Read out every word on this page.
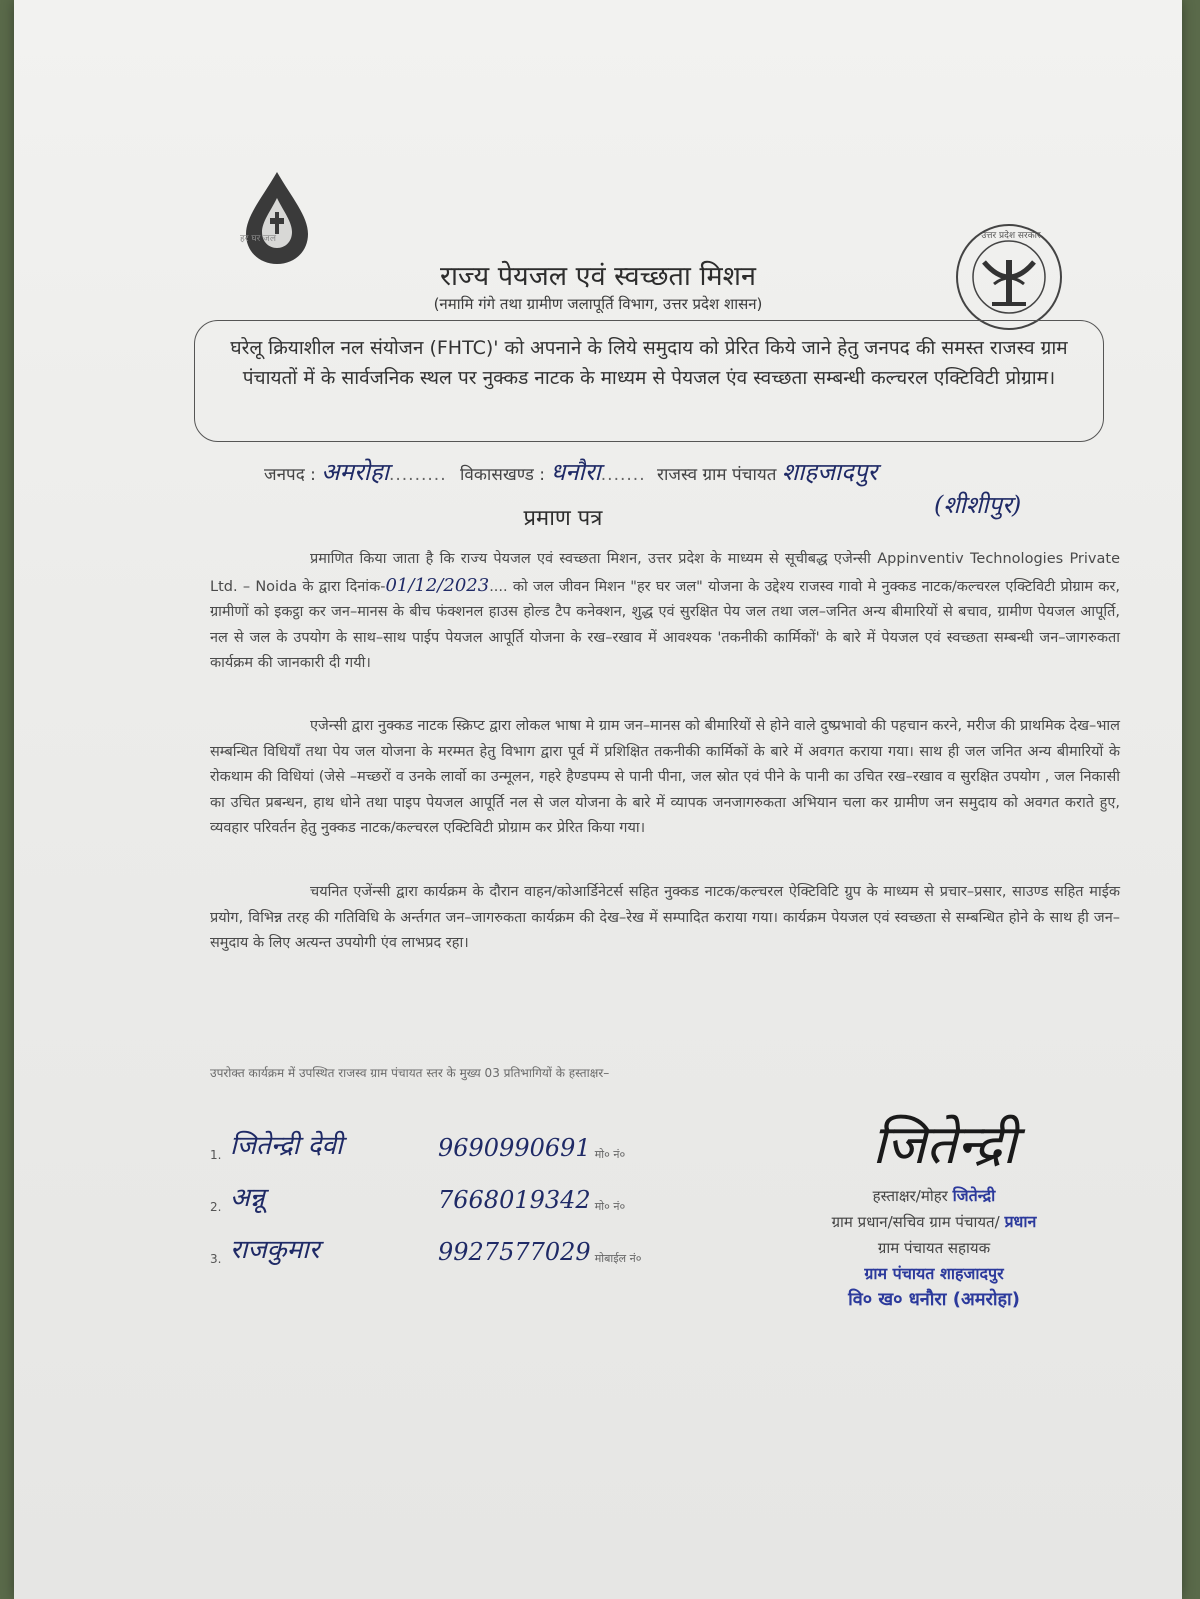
हर घर जल	उत्तर प्रदेश सरकार
राज्य पेयजल एवं स्वच्छता मिशन
(नमामि गंगे तथा ग्रामीण जलापूर्ति विभाग, उत्तर प्रदेश शासन)
घरेलू क्रियाशील नल संयोजन (FHTC)' को अपनाने के लिये समुदाय को प्रेरित किये जाने हेतु जनपद की समस्त राजस्व ग्राम पंचायतों में के सार्वजनिक स्थल पर नुक्कड नाटक के माध्यम से पेयजल एंव स्वच्छता सम्बन्धी कल्चरल एक्टिविटी प्रोग्राम।
जनपद : अमरोहा......... विकासखण्ड : धनौरा....... राजस्व ग्राम पंचायत शाहजादपुर
(शीशीपुर)
प्रमाण पत्र
प्रमाणित किया जाता है कि राज्य पेयजल एवं स्वच्छता मिशन, उत्तर प्रदेश के माध्यम से सूचीबद्ध एजेन्सी Appinventiv Technologies Private Ltd. – Noida के द्वारा दिनांक-01/12/2023.... को जल जीवन मिशन "हर घर जल" योजना के उद्देश्य राजस्व गावो मे नुक्कड नाटक/कल्चरल एक्टिविटी प्रोग्राम कर, ग्रामीणों को इकट्ठा कर जन–मानस के बीच फंक्शनल हाउस होल्ड टैप कनेक्शन, शुद्ध एवं सुरक्षित पेय जल तथा जल–जनित अन्य बीमारियों से बचाव, ग्रामीण पेयजल आपूर्ति, नल से जल के उपयोग के साथ–साथ पाईप पेयजल आपूर्ति योजना के रख–रखाव में आवश्यक 'तकनीकी कार्मिकों' के बारे में पेयजल एवं स्वच्छता सम्बन्धी जन–जागरुकता कार्यक्रम की जानकारी दी गयी।
एजेन्सी द्वारा नुक्कड नाटक स्क्रिप्ट द्वारा लोकल भाषा मे ग्राम जन–मानस को बीमारियों से होने वाले दुष्प्रभावो की पहचान करने, मरीज की प्राथमिक देख–भाल सम्बन्धित विधियाँ तथा पेय जल योजना के मरम्मत हेतु विभाग द्वारा पूर्व में प्रशिक्षित तकनीकी कार्मिकों के बारे में अवगत कराया गया। साथ ही जल जनित अन्य बीमारियों के रोकथाम की विधियां (जेसे –मच्छरों व उनके लार्वो का उन्मूलन, गहरे हैण्डपम्प से पानी पीना, जल स्रोत एवं पीने के पानी का उचित रख–रखाव व सुरक्षित उपयोग , जल निकासी का उचित प्रबन्धन, हाथ धोने तथा पाइप पेयजल आपूर्ति नल से जल योजना के बारे में व्यापक जनजागरुकता अभियान चला कर ग्रामीण जन समुदाय को अवगत कराते हुए, व्यवहार परिवर्तन हेतु नुक्कड नाटक/कल्चरल एक्टिविटी प्रोग्राम कर प्रेरित किया गया।
चयनित एजेंन्सी द्वारा कार्यक्रम के दौरान वाहन/कोआर्डिनेटर्स सहित नुक्कड नाटक/कल्चरल ऐक्टिविटि ग्रुप के माध्यम से प्रचार–प्रसार, साउण्ड सहित माईक प्रयोग, विभिन्न तरह की गतिविधि के अर्न्तगत जन–जागरुकता कार्यक्रम की देख–रेख में सम्पादित कराया गया। कार्यक्रम पेयजल एवं स्वच्छता से सम्बन्धित होने के साथ ही जन–समुदाय के लिए अत्यन्त उपयोगी एंव लाभप्रद रहा।
उपरोक्त कार्यक्रम में उपस्थित राजस्व ग्राम पंचायत स्तर के मुख्य 03 प्रतिभागियों के हस्ताक्षर–
1. जितेन्द्री देवी	9690990691 मो० नं०
2. अन्नू	7668019342 मो० नं०
3. राजकुमार	9927577029 मोबाईल नं०
जितेन्द्री
हस्ताक्षर/मोहर जितेन्द्री
ग्राम प्रधान/सचिव ग्राम पंचायत/ प्रधान
ग्राम पंचायत सहायक
ग्राम पंचायत शाहजादपुर
वि० ख० धनौरा (अमरोहा)
